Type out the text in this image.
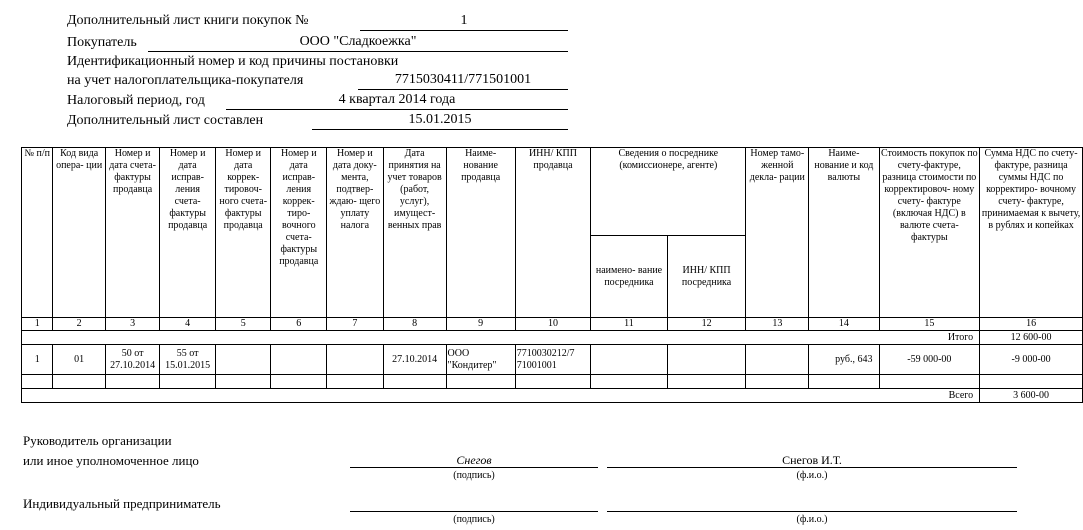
Дополнительный лист книги покупок №	1
Покупатель	ООО "Сладкоежка"
Идентификационный номер и код причины постановки
на учет налогоплательщика-покупателя	7715030411/771501001
Налоговый период, год	4 квартал 2014 года
Дополнительный лист составлен	15.01.2015
№ п/п	Код вида опера- ции	Номер и дата счета- фактуры продавца	Номер и дата исправ- ления счета- фактуры продавца	Номер и дата коррек- тировоч- ного счета- фактуры продавца	Номер и дата исправ- ления коррек- тиро- вочного счета- фактуры продавца	Номер и дата доку- мента, подтвер- ждаю- щего уплату налога	Дата принятия на учет товаров (работ, услуг), имущест- венных прав	Наиме- нование продавца	ИНН/ КПП продавца	Сведения о посреднике (комиссионере, агенте)		Номер тамо- женной декла- рации	Наиме- нование и код валюты	Стоимость покупок по счету-фактуре, разница стоимости по корректировоч- ному счету- фактуре (включая НДС) в валюте счета- фактуры	Сумма НДС по счету-фактуре, разница суммы НДС по корректиро- вочному счету- фактуре, принимаемая к вычету, в рублях и копейках
										наимено- вание посредника	ИНН/ КПП посредника				
1	2	3	4	5	6	7	8	9	10	11	12	13	14	15	16
Итого															12 600-00
1	01	50 от 27.10.2014	55 от 15.01.2015				27.10.2014	ООО "Кондитер"	7710030212/7 71001001				руб., 643	-59 000-00	-9 000-00

Всего															3 600-00
Руководитель организации
или иное уполномоченное лицо	Снегов
(подпись)
Снегов И.Т.
(ф.и.о.)
Индивидуальный предприниматель
(подпись)	(ф.и.о.)
